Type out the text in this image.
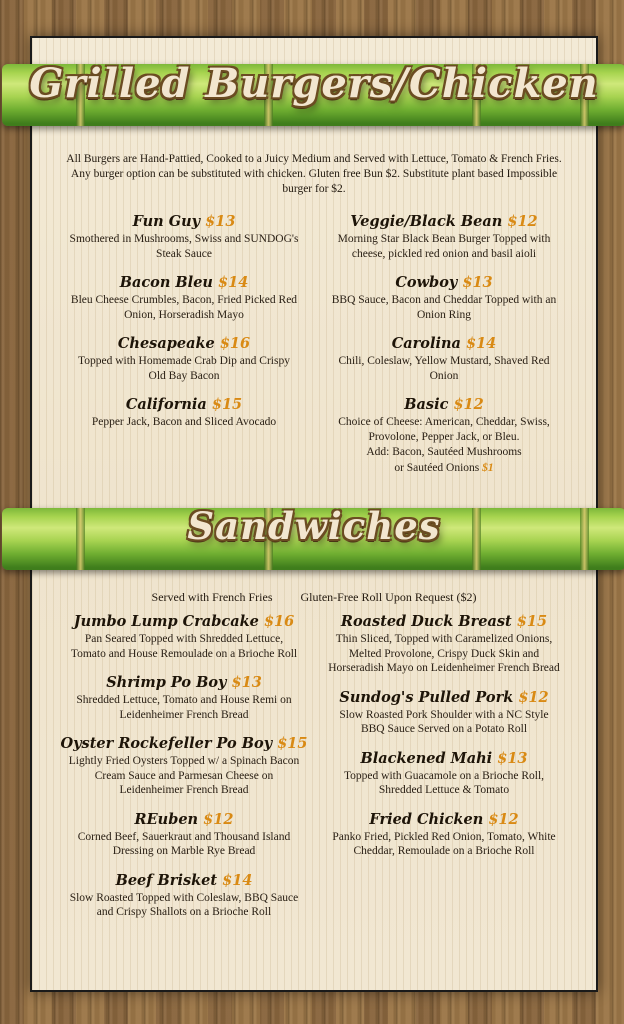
Grilled Burgers/Chicken
All Burgers are Hand-Pattied, Cooked to a Juicy Medium and Served with Lettuce, Tomato & French Fries. Any burger option can be substituted with chicken. Gluten free Bun $2. Substitute plant based Impossible burger for $2.
Fun Guy $13
Smothered in Mushrooms, Swiss and SUNDOG's Steak Sauce
Bacon Bleu $14
Bleu Cheese Crumbles, Bacon, Fried Picked Red Onion, Horseradish Mayo
Chesapeake $16
Topped with Homemade Crab Dip and Crispy Old Bay Bacon
California $15
Pepper Jack, Bacon and Sliced Avocado
Veggie/Black Bean $12
Morning Star Black Bean Burger Topped with cheese, pickled red onion and basil aioli
Cowboy $13
BBQ Sauce, Bacon and Cheddar Topped with an Onion Ring
Carolina $14
Chili, Coleslaw, Yellow Mustard, Shaved Red Onion
Basic $12
Choice of Cheese: American, Cheddar, Swiss, Provolone, Pepper Jack, or Bleu.
Add: Bacon, Sautéed Mushrooms
or Sautéed Onions $1
Sandwiches
Served with French Fries Gluten-Free Roll Upon Request ($2)
Jumbo Lump Crabcake $16
Pan Seared Topped with Shredded Lettuce, Tomato and House Remoulade on a Brioche Roll
Shrimp Po Boy $13
Shredded Lettuce, Tomato and House Remi on Leidenheimer French Bread
Oyster Rockefeller Po Boy $15
Lightly Fried Oysters Topped w/ a Spinach Bacon Cream Sauce and Parmesan Cheese on Leidenheimer French Bread
REuben $12
Corned Beef, Sauerkraut and Thousand Island Dressing on Marble Rye Bread
Beef Brisket $14
Slow Roasted Topped with Coleslaw, BBQ Sauce and Crispy Shallots on a Brioche Roll
Roasted Duck Breast $15
Thin Sliced, Topped with Caramelized Onions, Melted Provolone, Crispy Duck Skin and Horseradish Mayo on Leidenheimer French Bread
Sundog's Pulled Pork $12
Slow Roasted Pork Shoulder with a NC Style BBQ Sauce Served on a Potato Roll
Blackened Mahi $13
Topped with Guacamole on a Brioche Roll, Shredded Lettuce & Tomato
Fried Chicken $12
Panko Fried, Pickled Red Onion, Tomato, White Cheddar, Remoulade on a Brioche Roll
